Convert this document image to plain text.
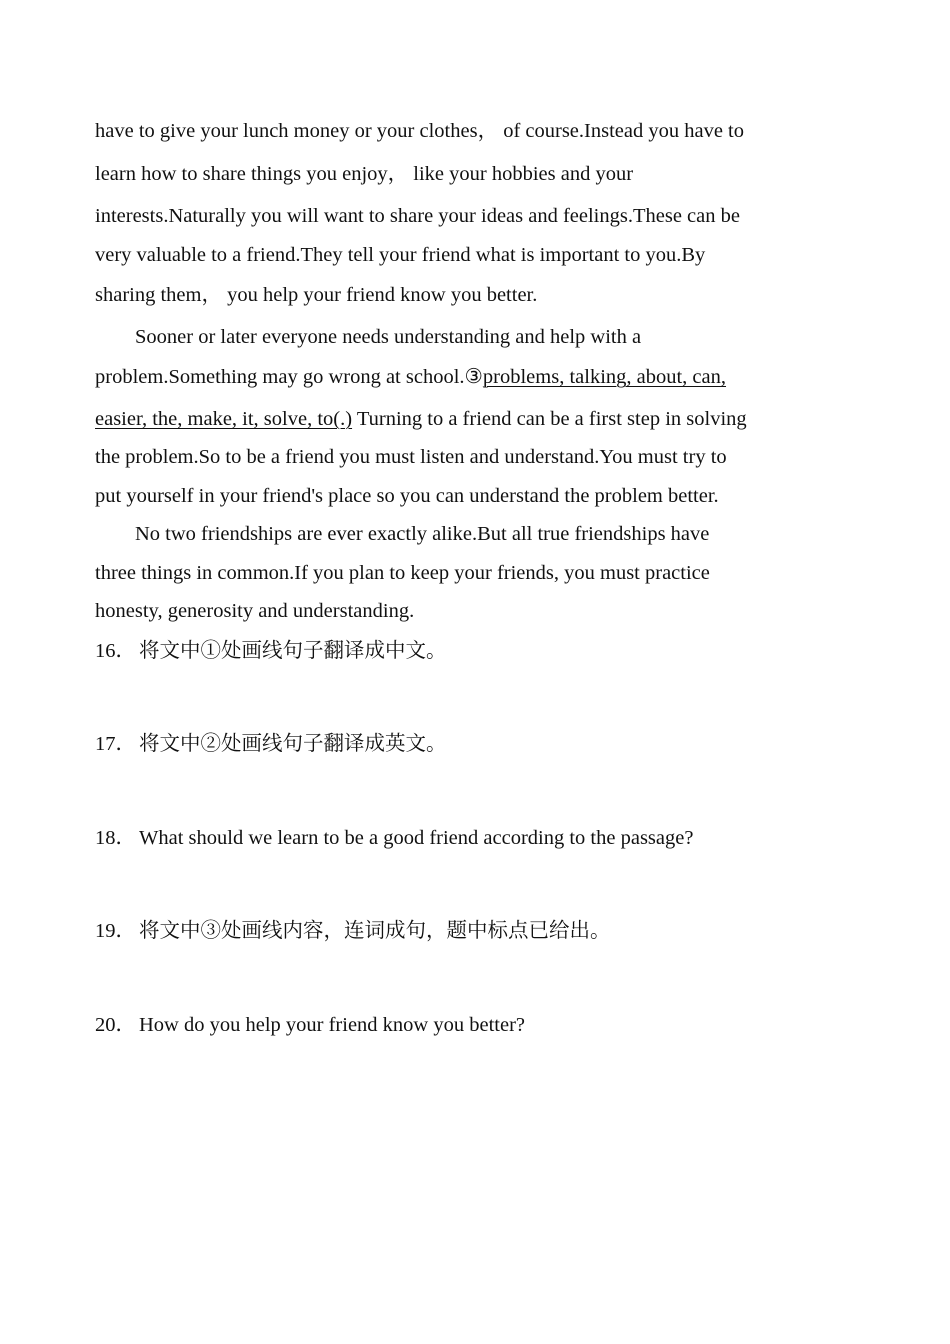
have to give your lunch money or your clothes， of course.Instead you have to
learn how to share things you enjoy， like your hobbies and your
interests.Naturally you will want to share your ideas and feelings.These can be
very valuable to a friend.They tell your friend what is important to you.By
sharing them， you help your friend know you better.
Sooner or later everyone needs understanding and help with a
problem.Something may go wrong at school.③problems, talking, about, can,
easier, the, make, it, solve, to(.) Turning to a friend can be a first step in solving
the problem.So to be a friend you must listen and understand.You must try to
put yourself in your friend's place so you can understand the problem better.
No two friendships are ever exactly alike.But all true friendships have
three things in common.If you plan to keep your friends, you must practice
honesty, generosity and understanding.
16． 将文中①处画线句子翻译成中文。
17． 将文中②处画线句子翻译成英文。
18． What should we learn to be a good friend according to the passage?
19． 将文中③处画线内容，连词成句，题中标点已给出。
20． How do you help your friend know you better?
